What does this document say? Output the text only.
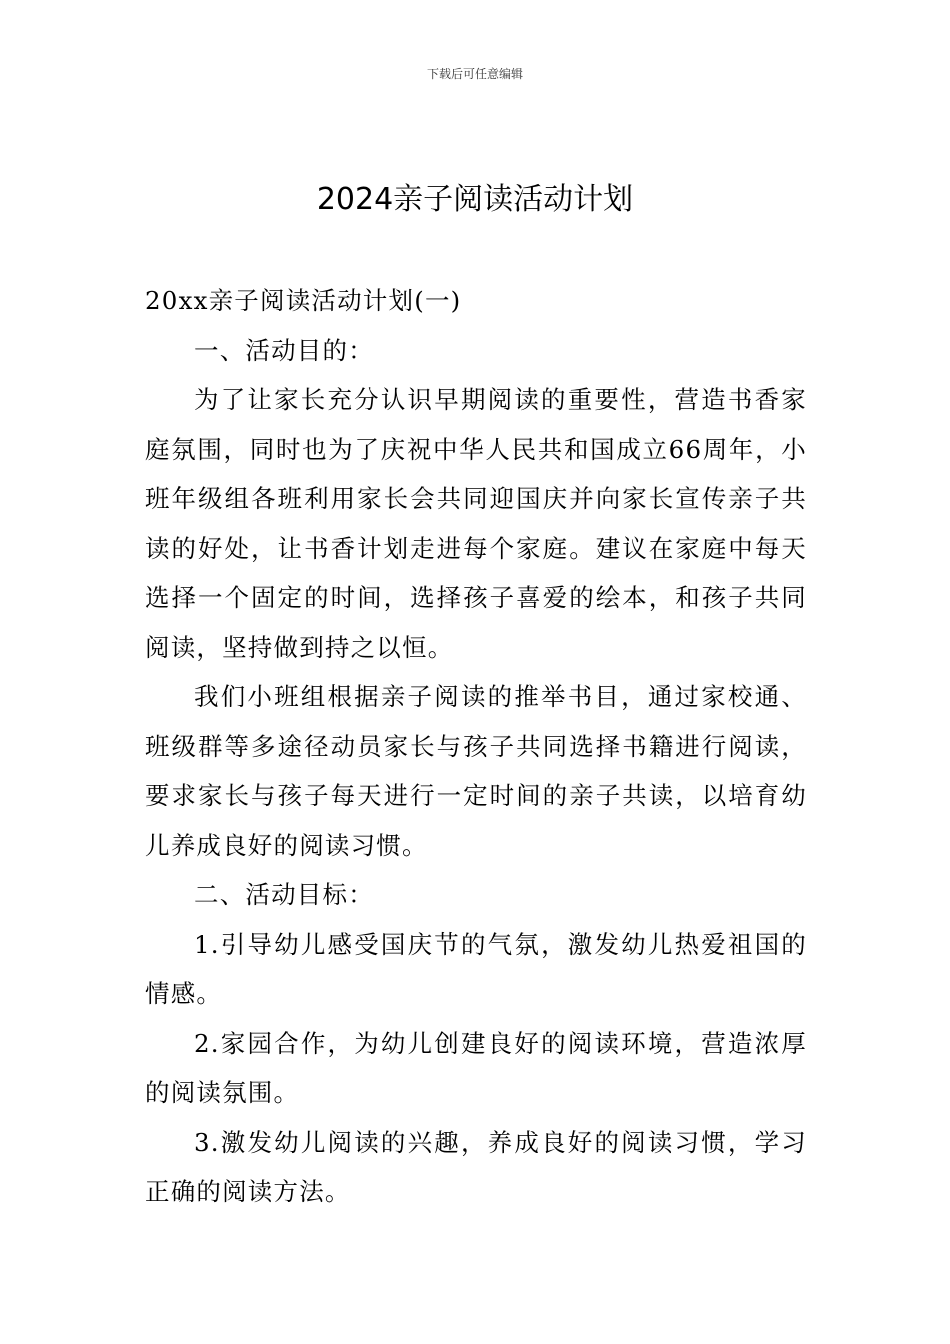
下载后可任意编辑
2024亲子阅读活动计划

20xx亲子阅读活动计划(一)

一、活动目的：

为了让家长充分认识早期阅读的重要性，营造书香家庭氛围，同时也为了庆祝中华人民共和国成立66周年，小班年级组各班利用家长会共同迎国庆并向家长宣传亲子共读的好处，让书香计划走进每个家庭。建议在家庭中每天选择一个固定的时间，选择孩子喜爱的绘本，和孩子共同阅读，坚持做到持之以恒。

我们小班组根据亲子阅读的推举书目，通过家校通、班级群等多途径动员家长与孩子共同选择书籍进行阅读，要求家长与孩子每天进行一定时间的亲子共读，以培育幼儿养成良好的阅读习惯。

二、活动目标：

1.引导幼儿感受国庆节的气氛，激发幼儿热爱祖国的情感。

2.家园合作，为幼儿创建良好的阅读环境，营造浓厚的阅读氛围。

3.激发幼儿阅读的兴趣，养成良好的阅读习惯，学习正确的阅读方法。
